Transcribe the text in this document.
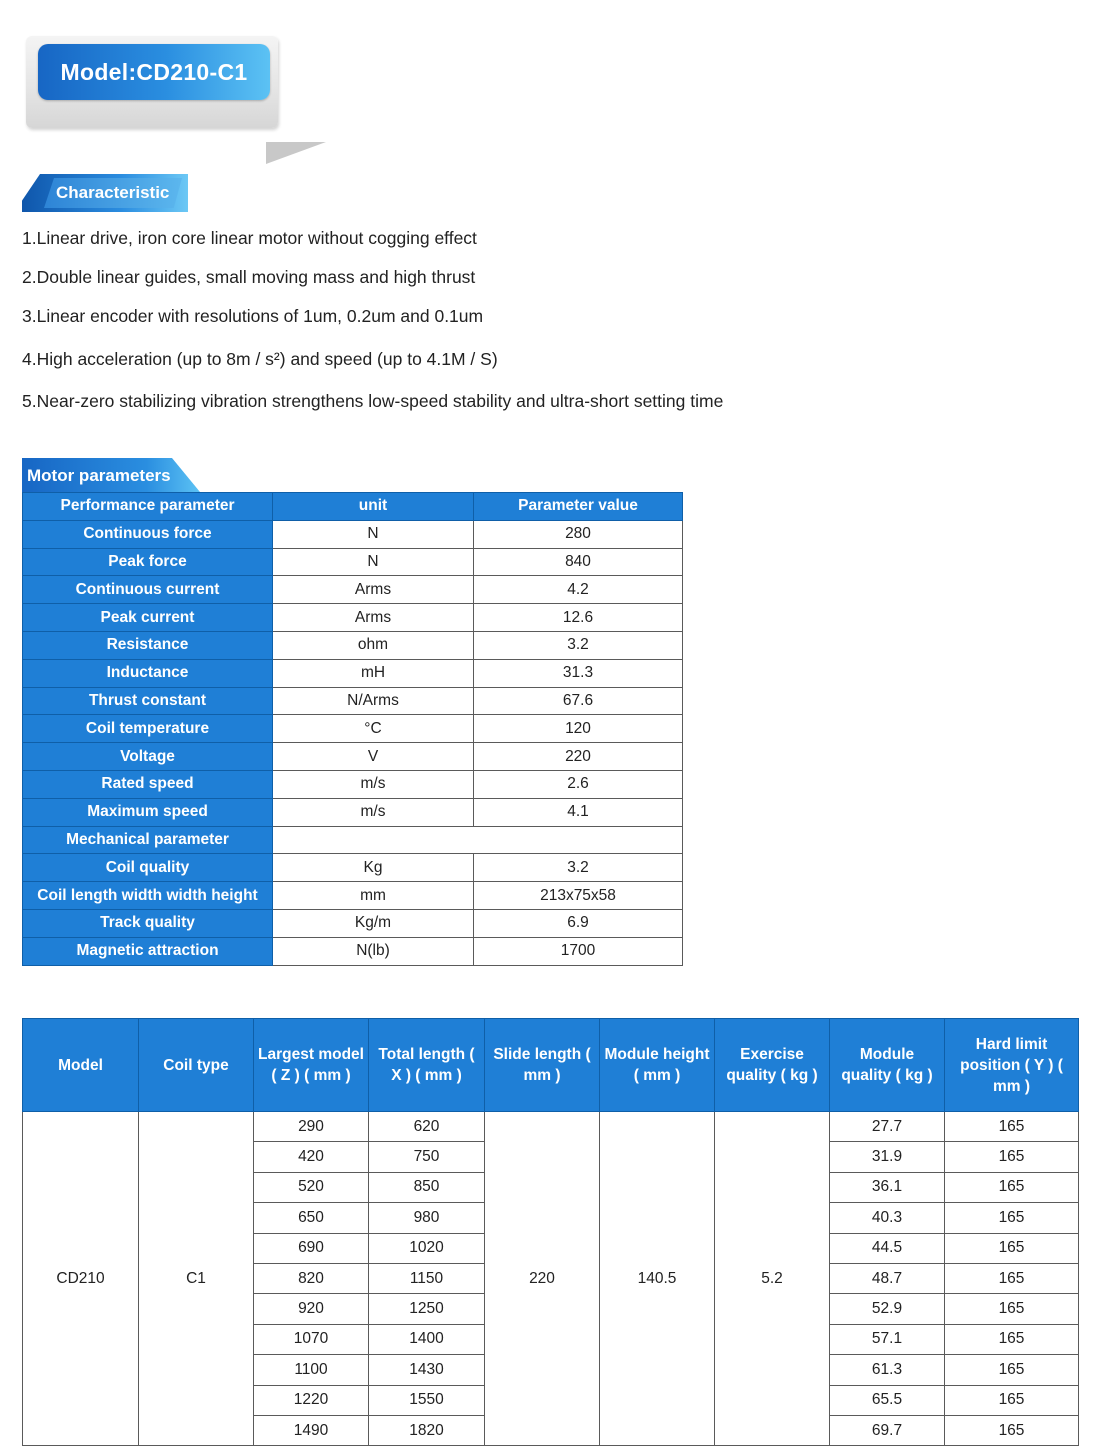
Model:CD210-C1
Characteristic
1.Linear drive, iron core linear motor without cogging effect
2.Double linear guides, small moving mass and high thrust
3.Linear encoder with resolutions of 1um, 0.2um and 0.1um
4.High acceleration (up to 8m / s²) and speed (up to 4.1M / S)
5.Near-zero stabilizing vibration strengthens low-speed stability and ultra-short setting time
Motor parameters
Performance parameter	unit	Parameter value
Continuous force	N	280
Peak force	N	840
Continuous current	Arms	4.2
Peak current	Arms	12.6
Resistance	ohm	3.2
Inductance	mH	31.3
Thrust constant	N/Arms	67.6
Coil temperature	°C	120
Voltage	V	220
Rated speed	m/s	2.6
Maximum speed	m/s	4.1
Mechanical parameter		
Coil quality	Kg	3.2
Coil length width width height	mm	213x75x58
Track quality	Kg/m	6.9
Magnetic attraction	N(lb)	1700
Model	Coil type	Largest model ( Z ) ( mm )	Total length ( X ) ( mm )	Slide length ( mm )	Module height ( mm )	Exercise quality ( kg )	Module quality ( kg )	Hard limit position ( Y ) ( mm )
CD210	C1	290	620	220	140.5	5.2	27.7	165
		420	750				31.9	165
		520	850				36.1	165
		650	980				40.3	165
		690	1020				44.5	165
		820	1150				48.7	165
		920	1250				52.9	165
		1070	1400				57.1	165
		1100	1430				61.3	165
		1220	1550				65.5	165
		1490	1820				69.7	165
